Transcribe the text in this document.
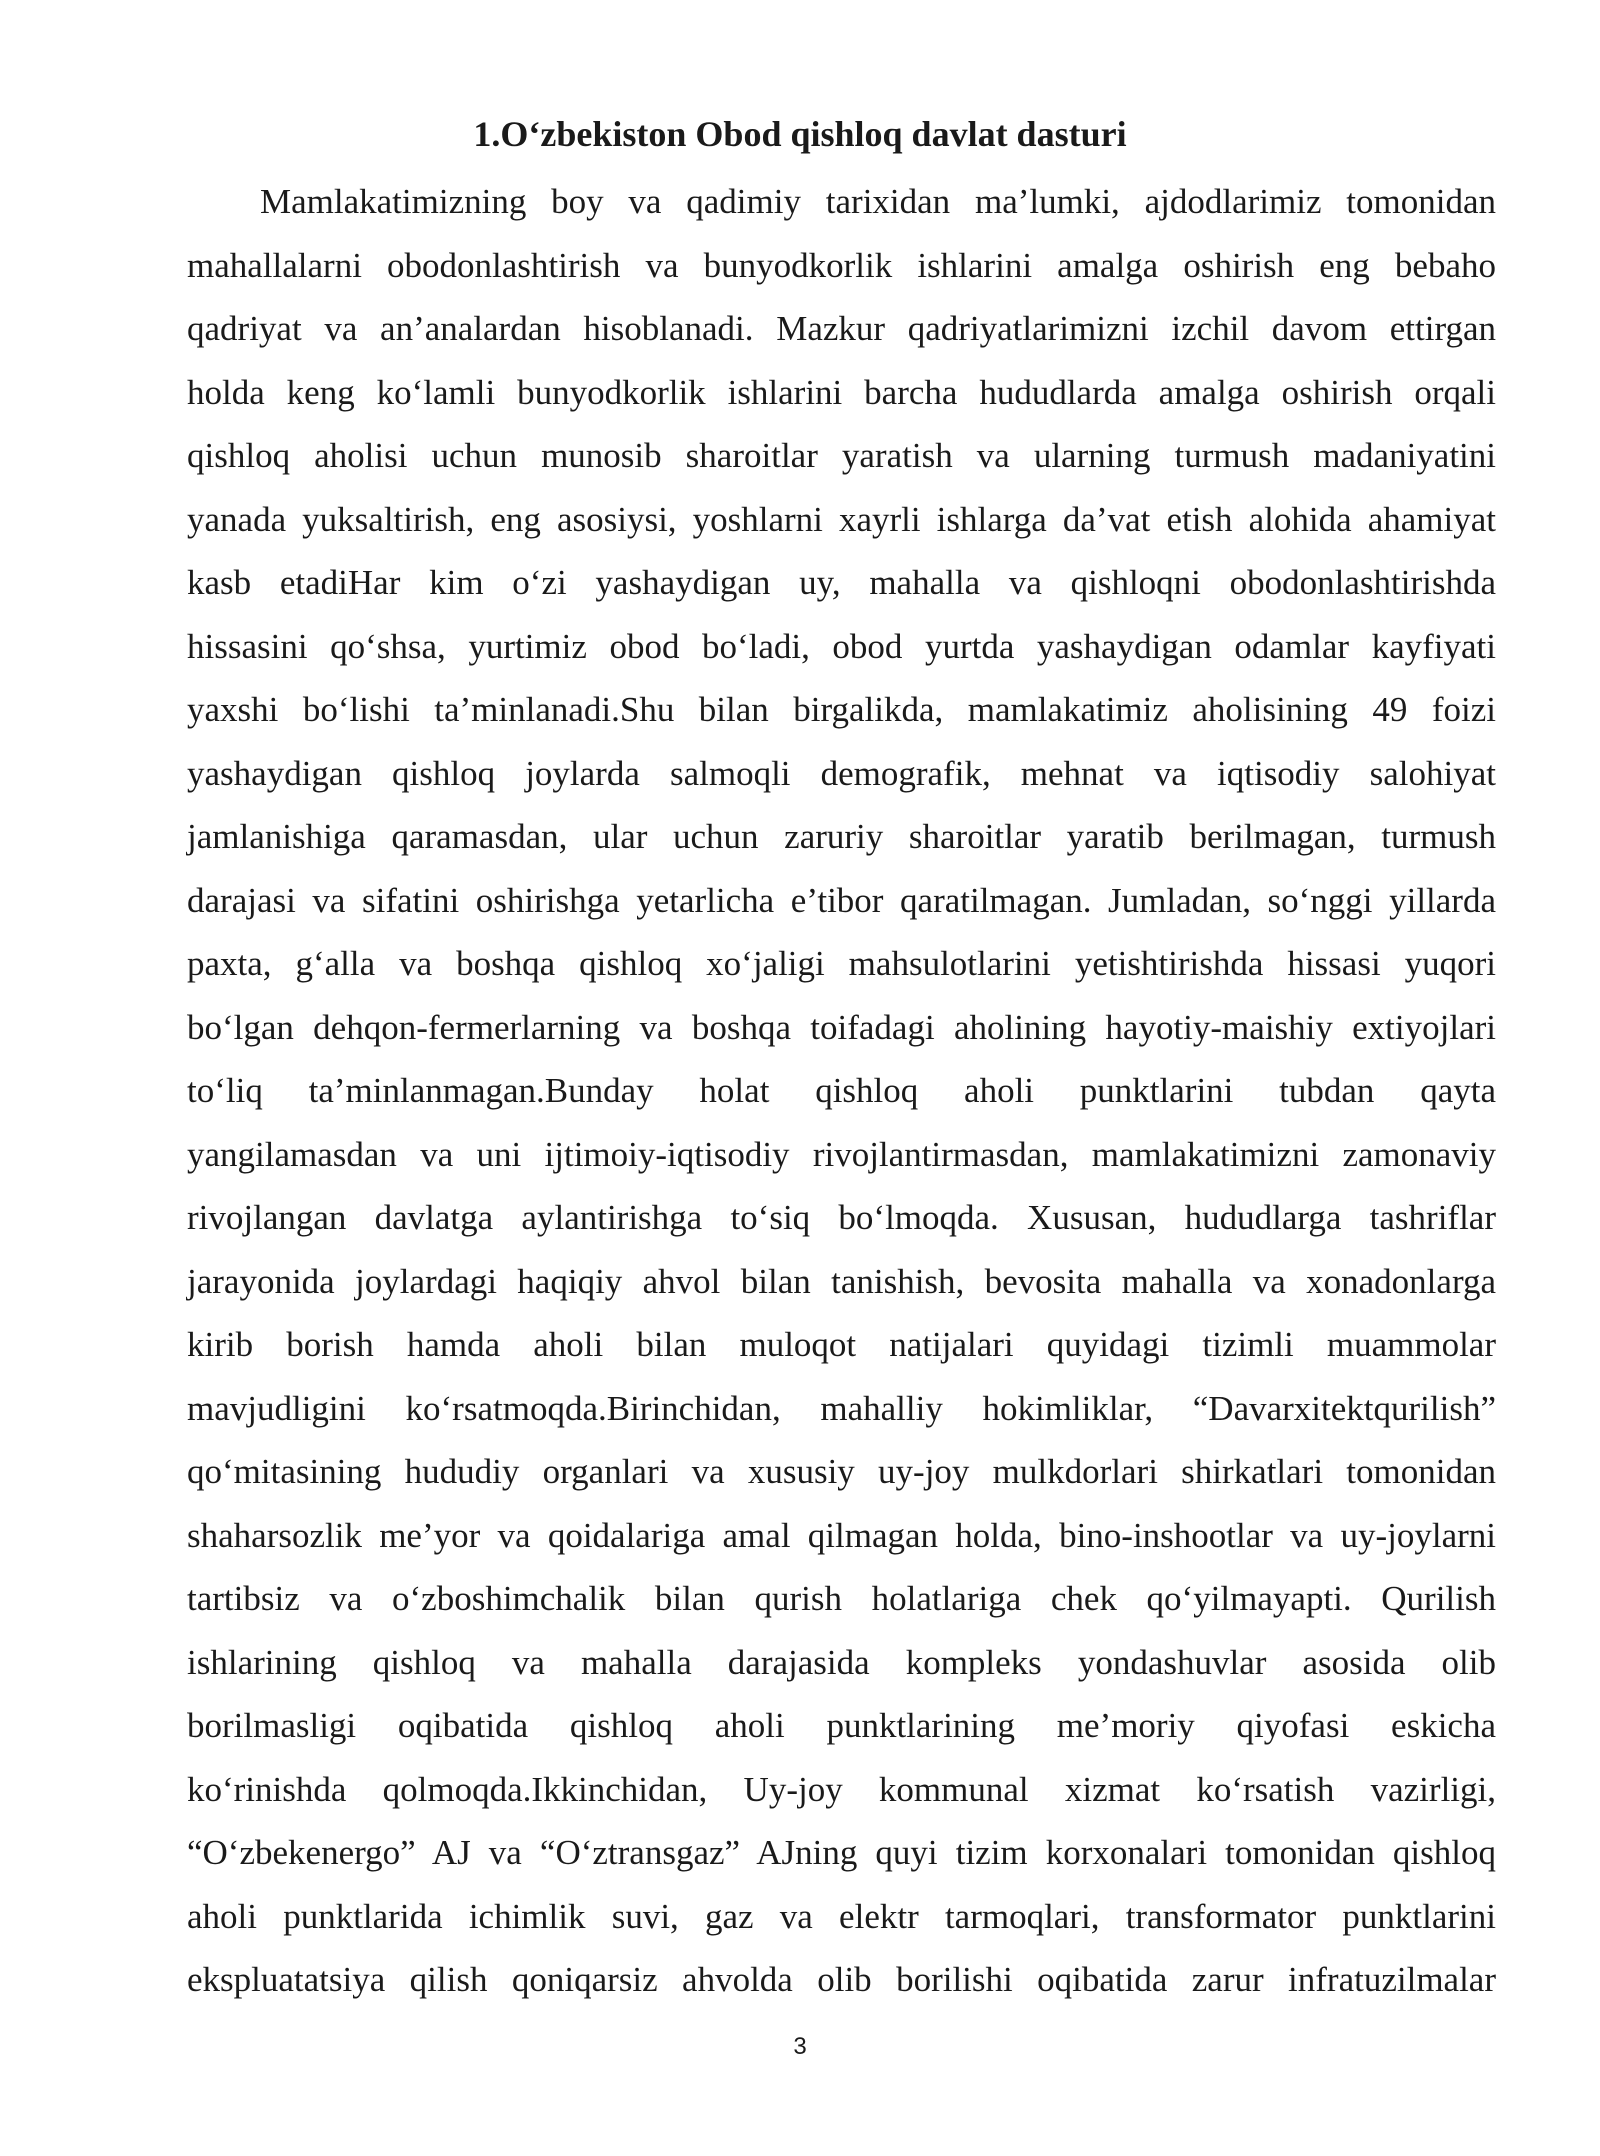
1.O‘zbekiston Obod qishloq davlat dasturi
Mamlakatimizning boy va qadimiy tarixidan ma’lumki, ajdodlarimiz tomonidan
mahallalarni obodonlashtirish va bunyodkorlik ishlarini amalga oshirish eng bebaho
qadriyat va an’analardan hisoblanadi. Mazkur qadriyatlarimizni izchil davom ettirgan
holda keng ko‘lamli bunyodkorlik ishlarini barcha hududlarda amalga oshirish orqali
qishloq aholisi uchun munosib sharoitlar yaratish va ularning turmush madaniyatini
yanada yuksaltirish, eng asosiysi, yoshlarni xayrli ishlarga da’vat etish alohida ahamiyat
kasb etadiHar kim o‘zi yashaydigan uy, mahalla va qishloqni obodonlashtirishda
hissasini qo‘shsa, yurtimiz obod bo‘ladi, obod yurtda yashaydigan odamlar kayfiyati
yaxshi bo‘lishi ta’minlanadi.Shu bilan birgalikda, mamlakatimiz aholisining 49 foizi
yashaydigan qishloq joylarda salmoqli demografik, mehnat va iqtisodiy salohiyat
jamlanishiga qaramasdan, ular uchun zaruriy sharoitlar yaratib berilmagan, turmush
darajasi va sifatini oshirishga yetarlicha e’tibor qaratilmagan. Jumladan, so‘nggi yillarda
paxta, g‘alla va boshqa qishloq xo‘jaligi mahsulotlarini yetishtirishda hissasi yuqori
bo‘lgan dehqon-fermerlarning va boshqa toifadagi aholining hayotiy-maishiy extiyojlari
to‘liq ta’minlanmagan.Bunday holat qishloq aholi punktlarini tubdan qayta
yangilamasdan va uni ijtimoiy-iqtisodiy rivojlantirmasdan, mamlakatimizni zamonaviy
rivojlangan davlatga aylantirishga to‘siq bo‘lmoqda. Xususan, hududlarga tashriflar
jarayonida joylardagi haqiqiy ahvol bilan tanishish, bevosita mahalla va xonadonlarga
kirib borish hamda aholi bilan muloqot natijalari quyidagi tizimli muammolar
mavjudligini ko‘rsatmoqda.Birinchidan, mahalliy hokimliklar, “Davarxitektqurilish”
qo‘mitasining hududiy organlari va xususiy uy-joy mulkdorlari shirkatlari tomonidan
shaharsozlik me’yor va qoidalariga amal qilmagan holda, bino-inshootlar va uy-joylarni
tartibsiz va o‘zboshimchalik bilan qurish holatlariga chek qo‘yilmayapti. Qurilish
ishlarining qishloq va mahalla darajasida kompleks yondashuvlar asosida olib
borilmasligi oqibatida qishloq aholi punktlarining me’moriy qiyofasi eskicha
ko‘rinishda qolmoqda.Ikkinchidan, Uy-joy kommunal xizmat ko‘rsatish vazirligi,
“O‘zbekenergo” AJ va “O‘ztransgaz” AJning quyi tizim korxonalari tomonidan qishloq
aholi punktlarida ichimlik suvi, gaz va elektr tarmoqlari, transformator punktlarini
ekspluatatsiya qilish qoniqarsiz ahvolda olib borilishi oqibatida zarur infratuzilmalar
3
